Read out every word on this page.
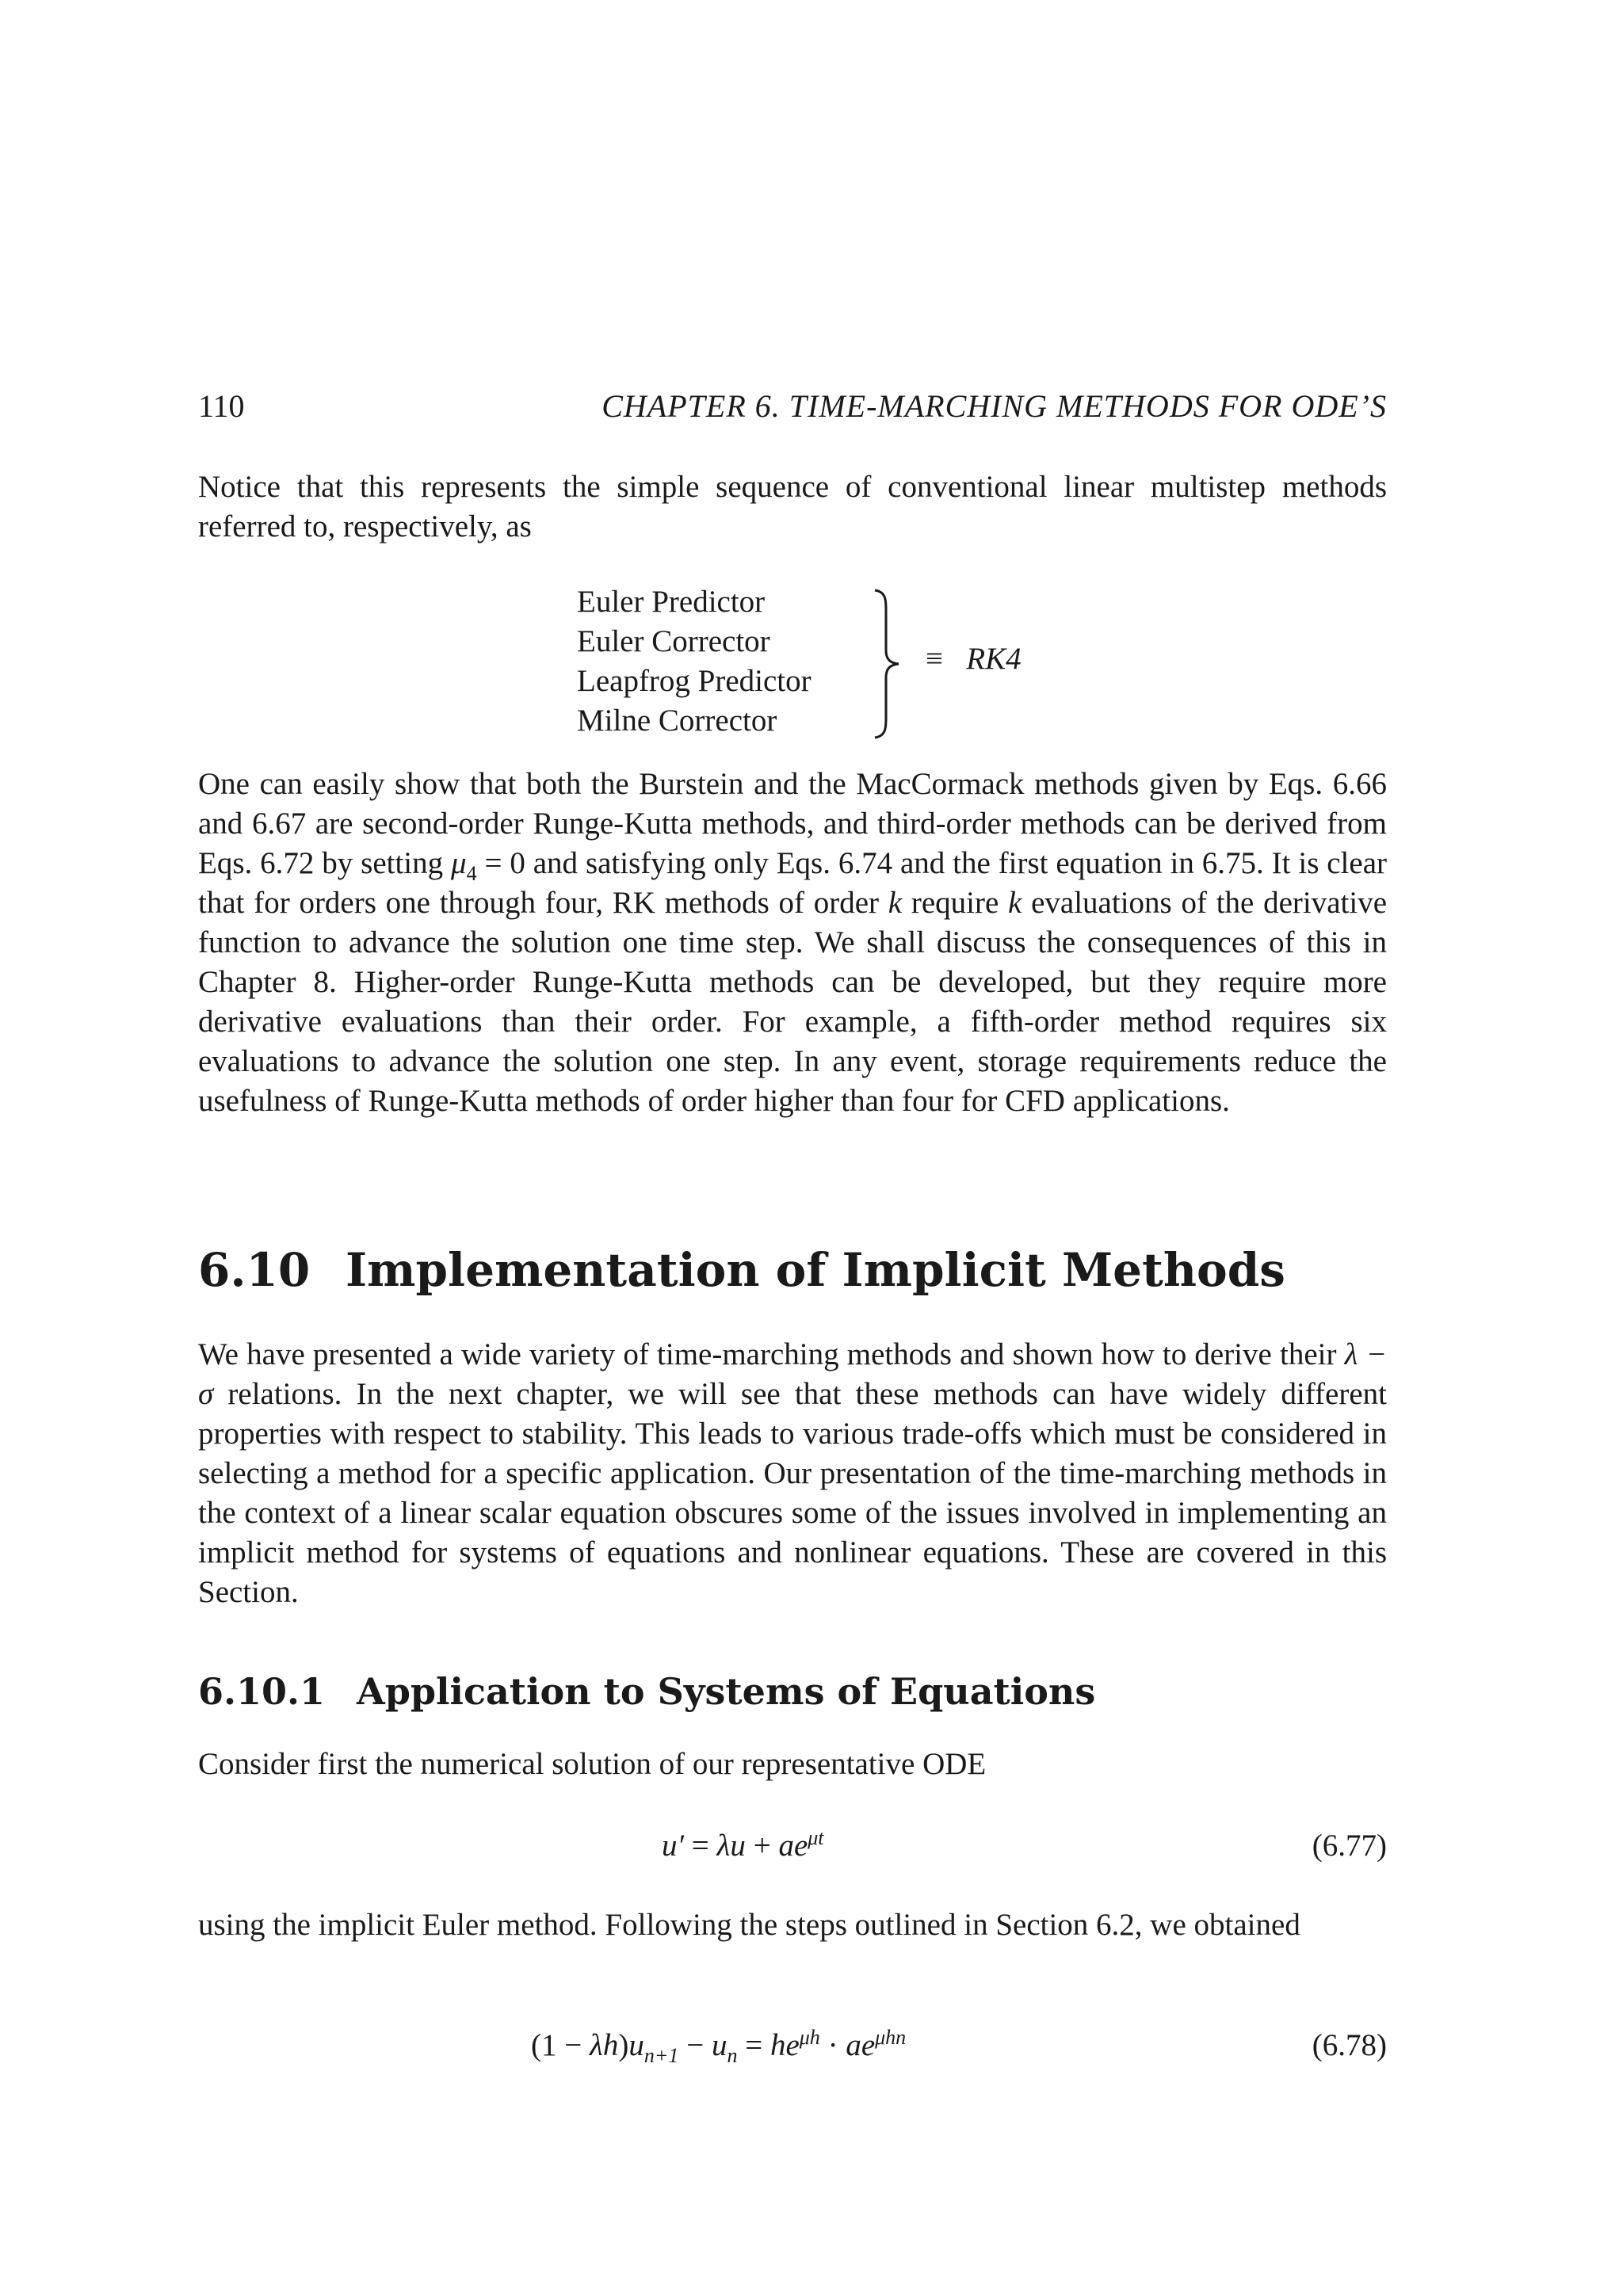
110	CHAPTER 6. TIME-MARCHING METHODS FOR ODE’S

Notice that this represents the simple sequence of conventional linear multistep methods referred to, respectively, as

Euler Predictor
Euler Corrector
Leapfrog Predictor
Milne Corrector
≡ RK4

One can easily show that both the Burstein and the MacCormack methods given by Eqs. 6.66 and 6.67 are second-order Runge-Kutta methods, and third-order methods can be derived from Eqs. 6.72 by setting $\mu_4 = 0$ and satisfying only Eqs. 6.74 and the first equation in 6.75. It is clear that for orders one through four, RK methods of order k require k evaluations of the derivative function to advance the solution one time step. We shall discuss the consequences of this in Chapter 8. Higher-order Runge-Kutta methods can be developed, but they require more derivative evaluations than their order. For example, a fifth-order method requires six evaluations to advance the solution one step. In any event, storage requirements reduce the usefulness of Runge-Kutta methods of order higher than four for CFD applications.

6.10 Implementation of Implicit Methods

We have presented a wide variety of time-marching methods and shown how to derive their λ − σ relations. In the next chapter, we will see that these methods can have widely different properties with respect to stability. This leads to various trade-offs which must be considered in selecting a method for a specific application. Our presentation of the time-marching methods in the context of a linear scalar equation obscures some of the issues involved in implementing an implicit method for systems of equations and nonlinear equations. These are covered in this Section.

6.10.1 Application to Systems of Equations

Consider first the numerical solution of our representative ODE

$u' = \lambda u + ae^{\mu t}$	(6.77)

using the implicit Euler method. Following the steps outlined in Section 6.2, we obtained

$(1 - \lambda h)u_{n+1} - u_n = he^{\mu h} \cdot ae^{\mu hn}$	(6.78)
